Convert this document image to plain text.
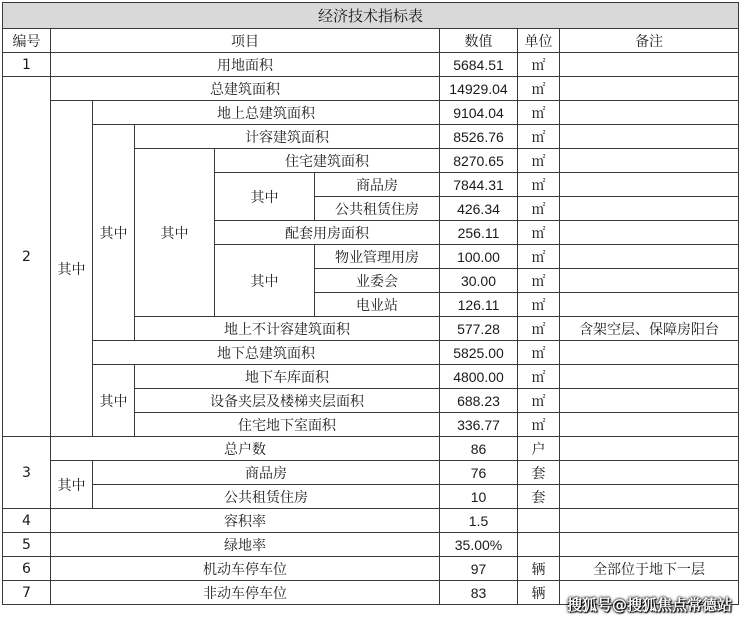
经济技术指标表								
编号	项目					数值	单位	备注
1	用地面积					5684.51	㎡	
2	总建筑面积					14929.04	㎡	
	其中	地上总建筑面积				9104.04	㎡	
		其中	计容建筑面积			8526.76	㎡	
			其中	住宅建筑面积		8270.65	㎡	
				其中	商品房	7844.31	㎡	
					公共租赁住房	426.34	㎡	
				配套用房面积		256.11	㎡	
				其中	物业管理用房	100.00	㎡	
					业委会	30.00	㎡	
					电业站	126.11	㎡	
			地上不计容建筑面积			577.28	㎡	含架空层、保障房阳台
		地下总建筑面积				5825.00	㎡	
		其中	地下车库面积			4800.00	㎡	
			设备夹层及楼梯夹层面积			688.23	㎡	
			住宅地下室面积			336.77	㎡	
3	总户数					86	户	
	其中	商品房				76	套	
		公共租赁住房				10	套	
4	容积率					1.5		
5	绿地率					35.00%		
6	机动车停车位					97	辆	全部位于地下一层
7	非动车停车位					83	辆	
搜狐号@搜狐焦点常德站
